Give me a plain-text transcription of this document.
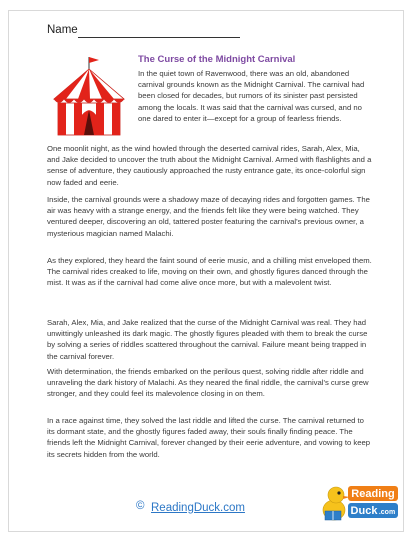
Name
The Curse of the Midnight Carnival

In the quiet town of Ravenwood, there was an old, abandoned carnival grounds known as the Midnight Carnival. The carnival had been closed for decades, but rumors of its sinister past persisted among the locals. It was said that the carnival was cursed, and no one dared to enter it—except for a group of fearless friends.

One moonlit night, as the wind howled through the deserted carnival rides, Sarah, Alex, Mia, and Jake decided to uncover the truth about the Midnight Carnival. Armed with flashlights and a sense of adventure, they cautiously approached the rusty entrance gate, its once-colorful sign now faded and eerie.

Inside, the carnival grounds were a shadowy maze of decaying rides and forgotten games. The air was heavy with a strange energy, and the friends felt like they were being watched. They ventured deeper, discovering an old, tattered poster featuring the carnival's previous owner, a mysterious magician named Malachi.

As they explored, they heard the faint sound of eerie music, and a chilling mist enveloped them. The carnival rides creaked to life, moving on their own, and ghostly figures danced through the mist. It was as if the carnival had come alive once more, but with a malevolent twist.

Sarah, Alex, Mia, and Jake realized that the curse of the Midnight Carnival was real. They had unwittingly unleashed its dark magic. The ghostly figures pleaded with them to break the curse by solving a series of riddles scattered throughout the carnival. Failure meant being trapped in the carnival forever.

With determination, the friends embarked on the perilous quest, solving riddle after riddle and unraveling the dark history of Malachi. As they neared the final riddle, the carnival's curse grew stronger, and they could feel its malevolence closing in on them.

In a race against time, they solved the last riddle and lifted the curse. The carnival returned to its dormant state, and the ghostly figures faded away, their souls finally finding peace. The friends left the Midnight Carnival, forever changed by their eerie adventure, and vowing to keep its secrets hidden from the world.

© ReadingDuck.com
Reading
Duck .com
